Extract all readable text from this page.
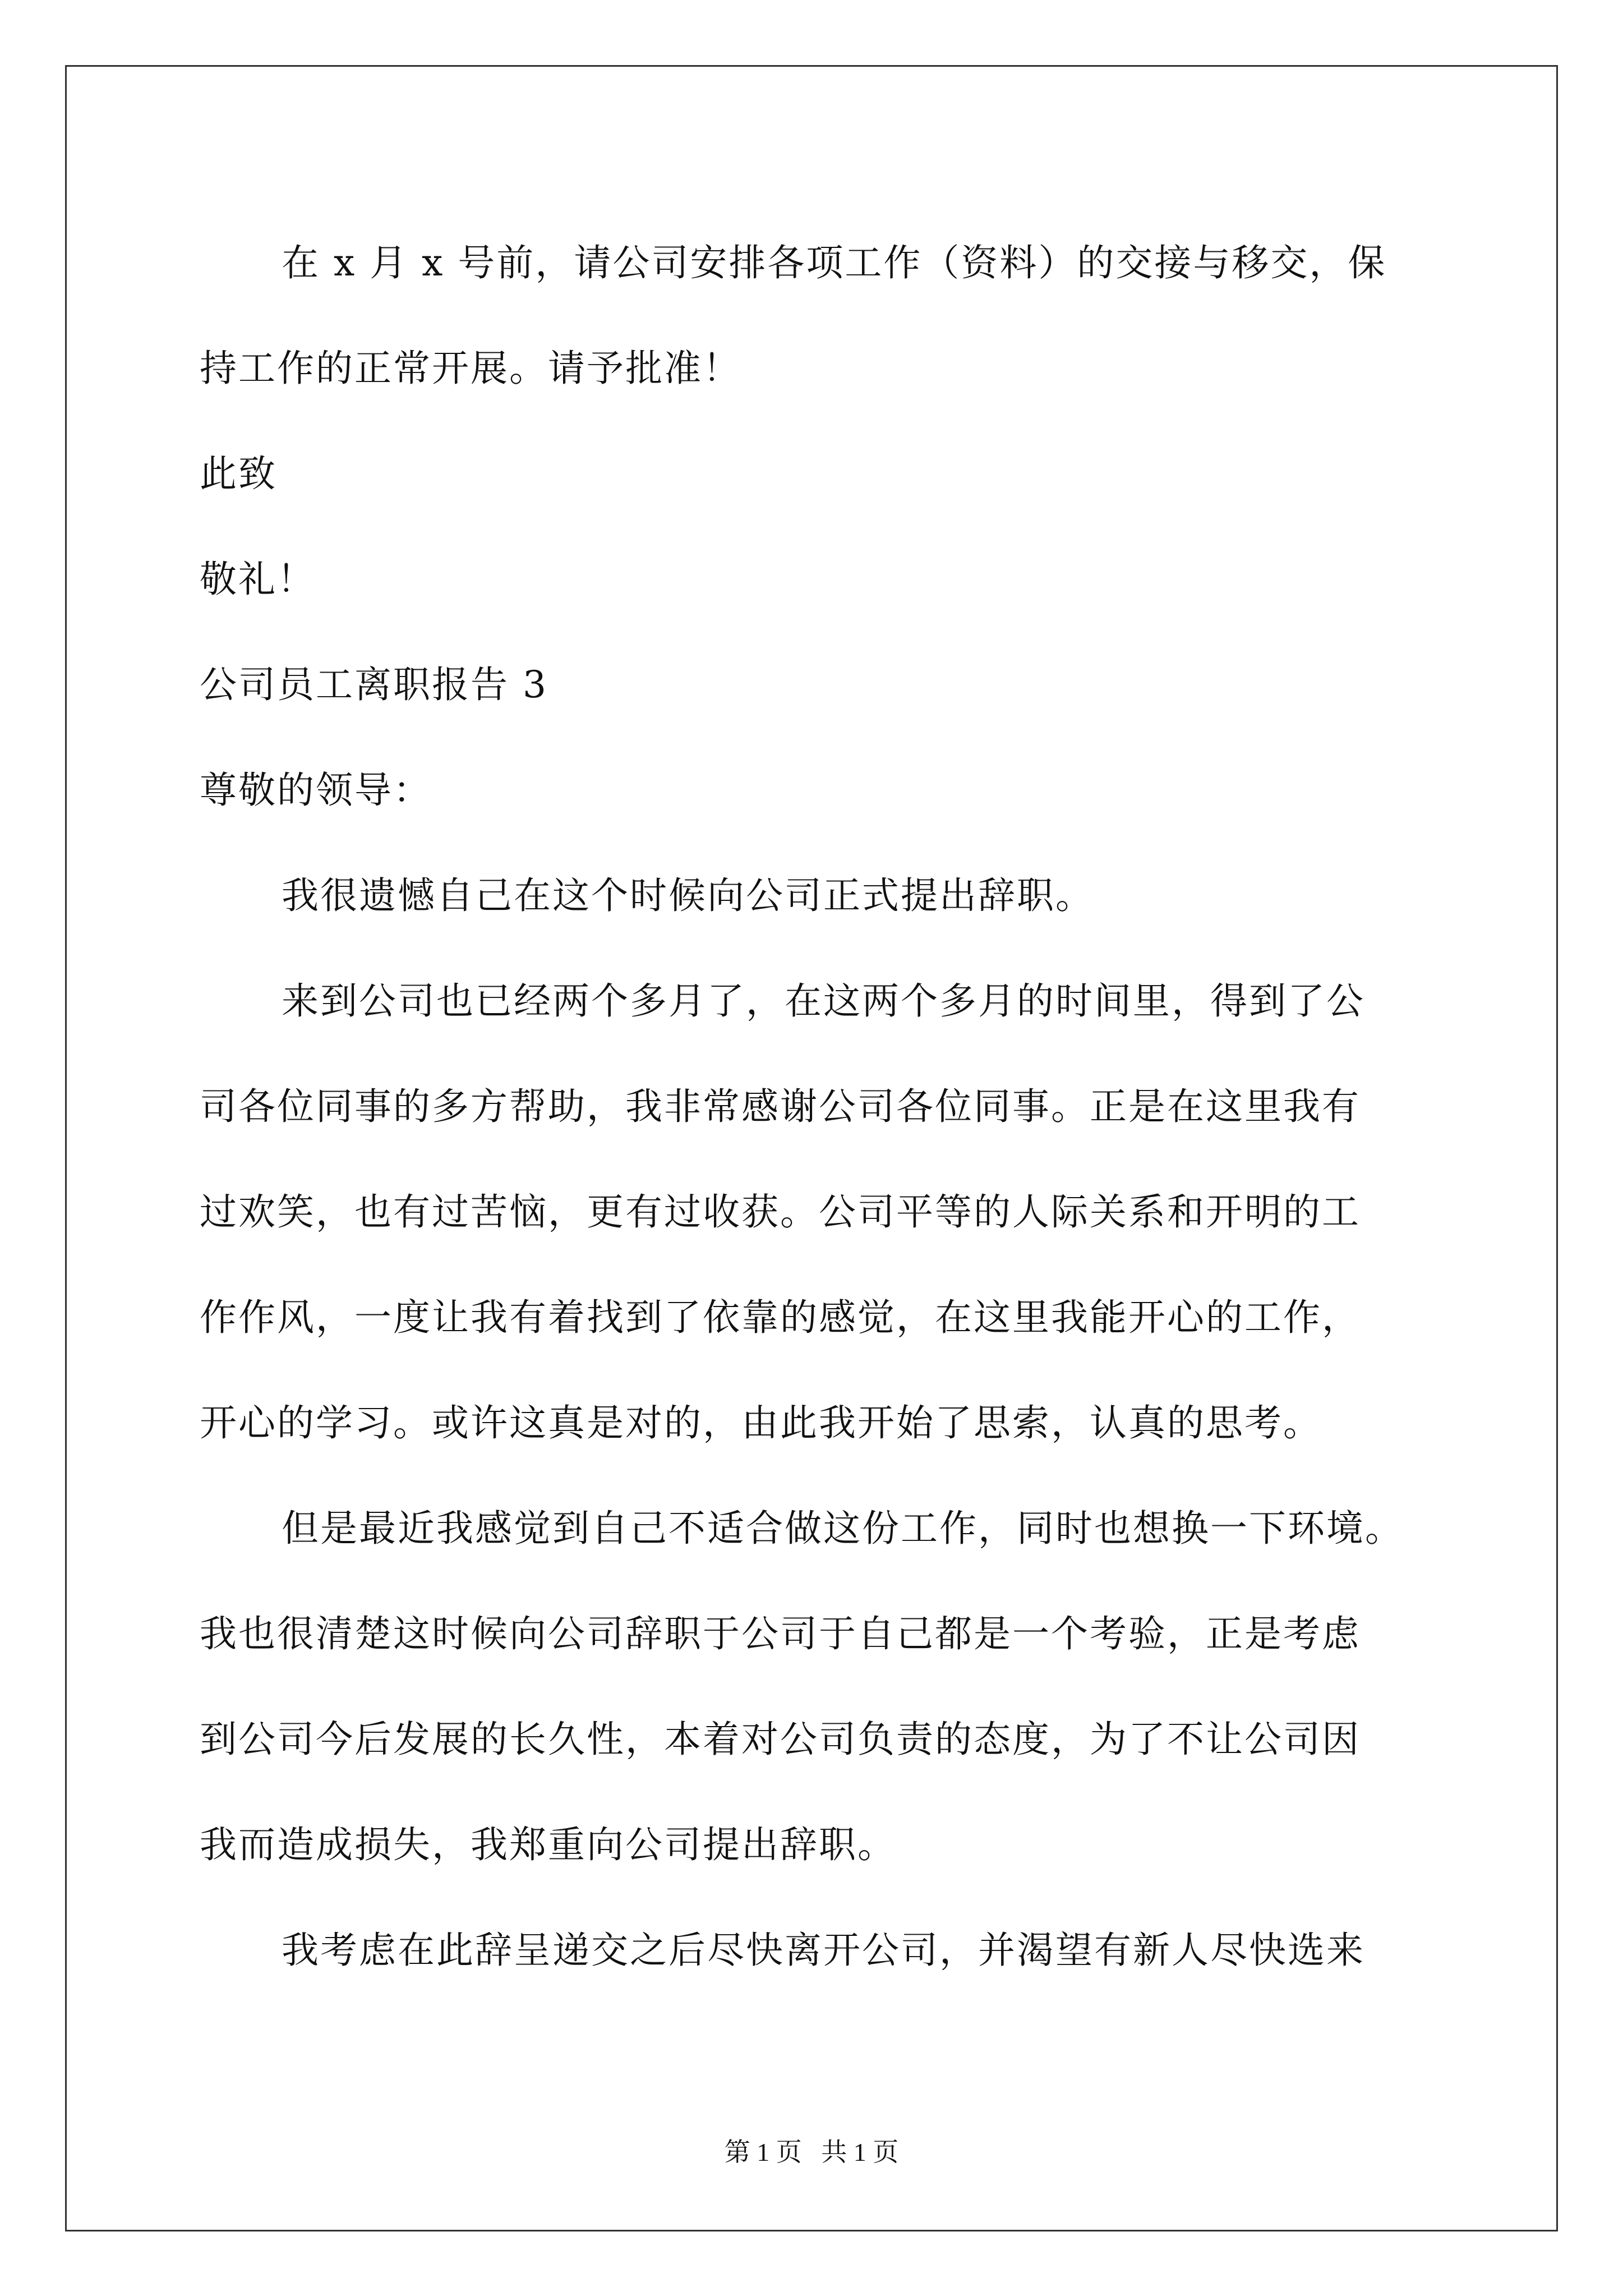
在 x 月 x 号前，请公司安排各项工作（资料）的交接与移交，保

持工作的正常开展。请予批准！

此致

敬礼！

公司员工离职报告 3

尊敬的领导：

我很遗憾自己在这个时候向公司正式提出辞职。

来到公司也已经两个多月了，在这两个多月的时间里，得到了公

司各位同事的多方帮助，我非常感谢公司各位同事。正是在这里我有

过欢笑，也有过苦恼，更有过收获。公司平等的人际关系和开明的工

作作风，一度让我有着找到了依靠的感觉，在这里我能开心的工作，

开心的学习。或许这真是对的，由此我开始了思索，认真的思考。

但是最近我感觉到自己不适合做这份工作，同时也想换一下环境。

我也很清楚这时候向公司辞职于公司于自己都是一个考验，正是考虑

到公司今后发展的长久性，本着对公司负责的态度，为了不让公司因

我而造成损失，我郑重向公司提出辞职。

我考虑在此辞呈递交之后尽快离开公司，并渴望有新人尽快选来

第 1 页 共 1 页
